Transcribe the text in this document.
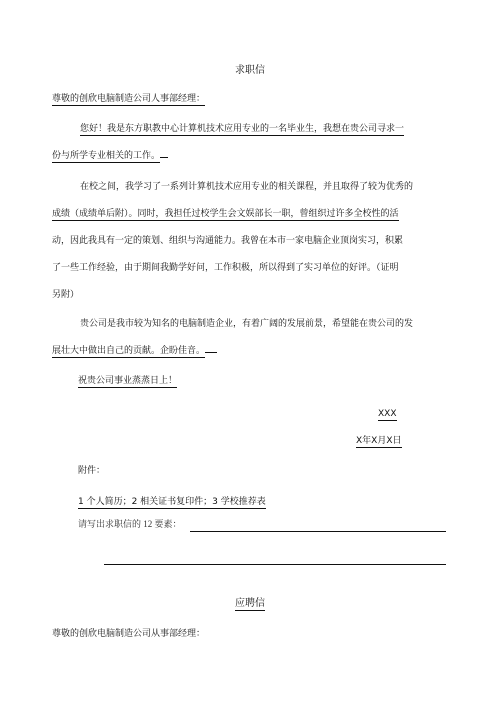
求职信
尊敬的创欣电脑制造公司人事部经理：
您好！我是东方职教中心计算机技术应用专业的一名毕业生，我想在贵公司寻求一
份与所学专业相关的工作。
在校之间，我学习了一系列计算机技术应用专业的相关课程，并且取得了较为优秀的
成绩（成绩单后附）。同时，我担任过校学生会文娱部长一职，曾组织过许多全校性的活
动，因此我具有一定的策划、组织与沟通能力。我曾在本市一家电脑企业顶岗实习，积累
了一些工作经验，由于期间我勤学好问，工作积极，所以得到了实习单位的好评。（证明
另附）
贵公司是我市较为知名的电脑制造企业，有着广阔的发展前景，希望能在贵公司的发
展壮大中做出自己的贡献。企盼佳音。
祝贵公司事业蒸蒸日上！
XXX
X年X月X日
附件：
1 个人简历；2 相关证书复印件；3 学校推荐表
请写出求职信的 12 要素：
应聘信
尊敬的创欣电脑制造公司从事部经理：
